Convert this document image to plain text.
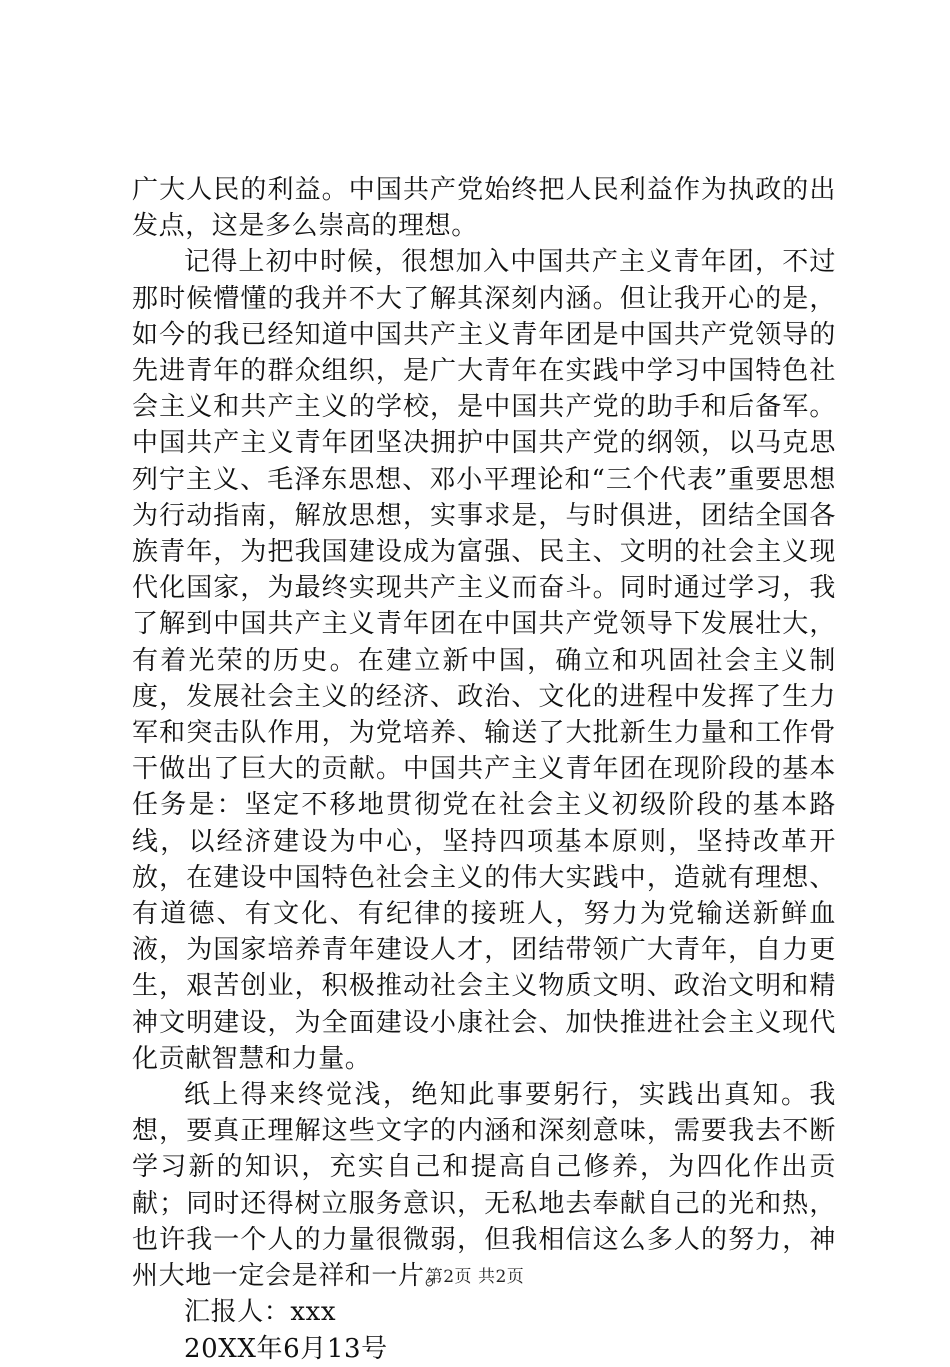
广大人民的利益。中国共产党始终把人民利益作为执政的出发点，这是多么崇高的理想。

记得上初中时候，很想加入中国共产主义青年团，不过那时候懵懂的我并不大了解其深刻内涵。但让我开心的是，如今的我已经知道中国共产主义青年团是中国共产党领导的先进青年的群众组织，是广大青年在实践中学习中国特色社会主义和共产主义的学校，是中国共产党的助手和后备军。中国共产主义青年团坚决拥护中国共产党的纲领，以马克思列宁主义、毛泽东思想、邓小平理论和“三个代表”重要思想为行动指南，解放思想，实事求是，与时俱进，团结全国各族青年，为把我国建设成为富强、民主、文明的社会主义现代化国家，为最终实现共产主义而奋斗。同时通过学习，我了解到中国共产主义青年团在中国共产党领导下发展壮大，有着光荣的历史。在建立新中国，确立和巩固社会主义制度，发展社会主义的经济、政治、文化的进程中发挥了生力军和突击队作用，为党培养、输送了大批新生力量和工作骨干做出了巨大的贡献。中国共产主义青年团在现阶段的基本任务是：坚定不移地贯彻党在社会主义初级阶段的基本路线，以经济建设为中心，坚持四项基本原则，坚持改革开放，在建设中国特色社会主义的伟大实践中，造就有理想、有道德、有文化、有纪律的接班人，努力为党输送新鲜血液，为国家培养青年建设人才，团结带领广大青年，自力更生，艰苦创业，积极推动社会主义物质文明、政治文明和精神文明建设，为全面建设小康社会、加快推进社会主义现代化贡献智慧和力量。

纸上得来终觉浅，绝知此事要躬行，实践出真知。我想，要真正理解这些文字的内涵和深刻意味，需要我去不断学习新的知识，充实自己和提高自己修养，为四化作出贡献；同时还得树立服务意识，无私地去奉献自己的光和热，也许我一个人的力量很微弱，但我相信这么多人的努力，神州大地一定会是祥和一片。

汇报人：xxx

20XX年6月13号

第2页 共2页
